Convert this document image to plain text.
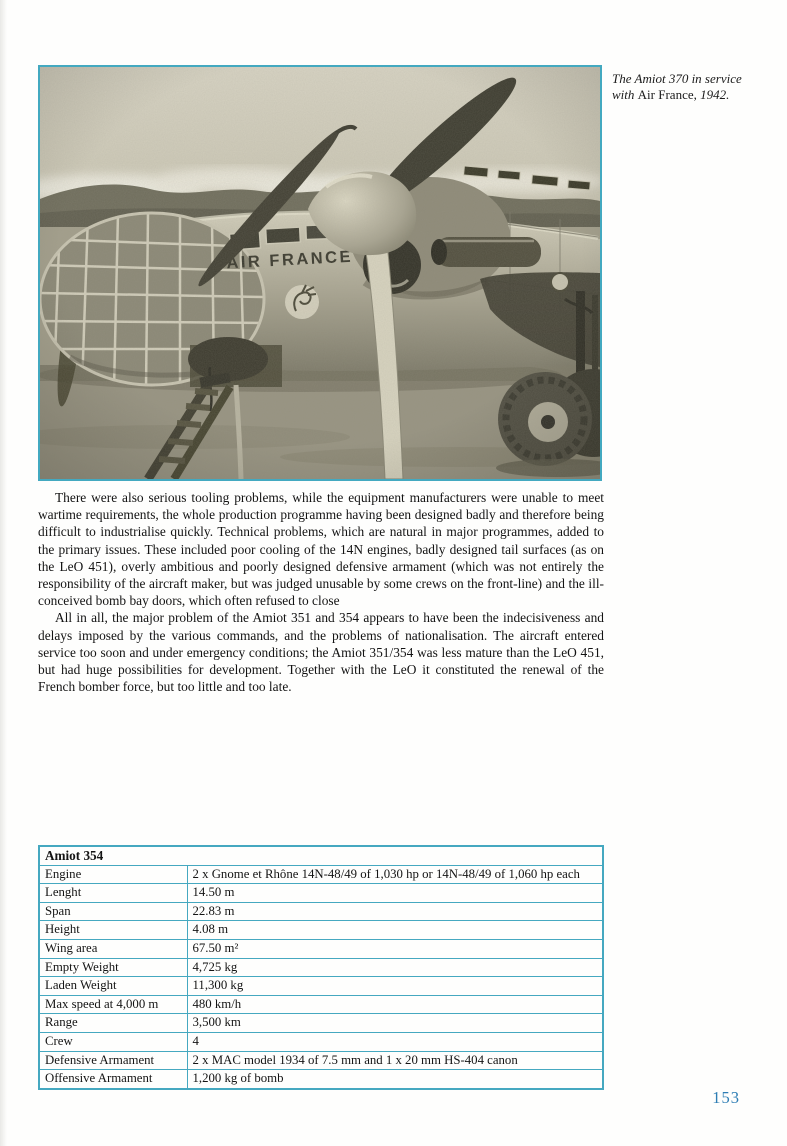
The Amiot 370 in service with Air France, 1942.

There were also serious tooling problems, while the equipment manufacturers were unable to meet wartime requirements, the whole production programme having been designed badly and therefore being difficult to industrialise quickly. Technical problems, which are natural in major programmes, added to the primary issues. These included poor cooling of the 14N engines, badly designed tail surfaces (as on the LeO 451), overly ambitious and poorly designed defensive armament (which was not entirely the responsibility of the aircraft maker, but was judged unusable by some crews on the front-line) and the ill-conceived bomb bay doors, which often refused to close

All in all, the major problem of the Amiot 351 and 354 appears to have been the indecisiveness and delays imposed by the various commands, and the problems of nationalisation. The aircraft entered service too soon and under emergency conditions; the Amiot 351/354 was less mature than the LeO 451, but had huge possibilities for development. Together with the LeO it constituted the renewal of the French bomber force, but too little and too late.

Amiot 354	
Engine	2 x Gnome et Rhône 14N-48/49 of 1,030 hp or 14N-48/49 of 1,060 hp each
Lenght	14.50 m
Span	22.83 m
Height	4.08 m
Wing area	67.50 m²
Empty Weight	4,725 kg
Laden Weight	11,300 kg
Max speed at 4,000 m	480 km/h
Range	3,500 km
Crew	4
Defensive Armament	2 x MAC model 1934 of 7.5 mm and 1 x 20 mm HS-404 canon
Offensive Armament	1,200 kg of bomb
153
